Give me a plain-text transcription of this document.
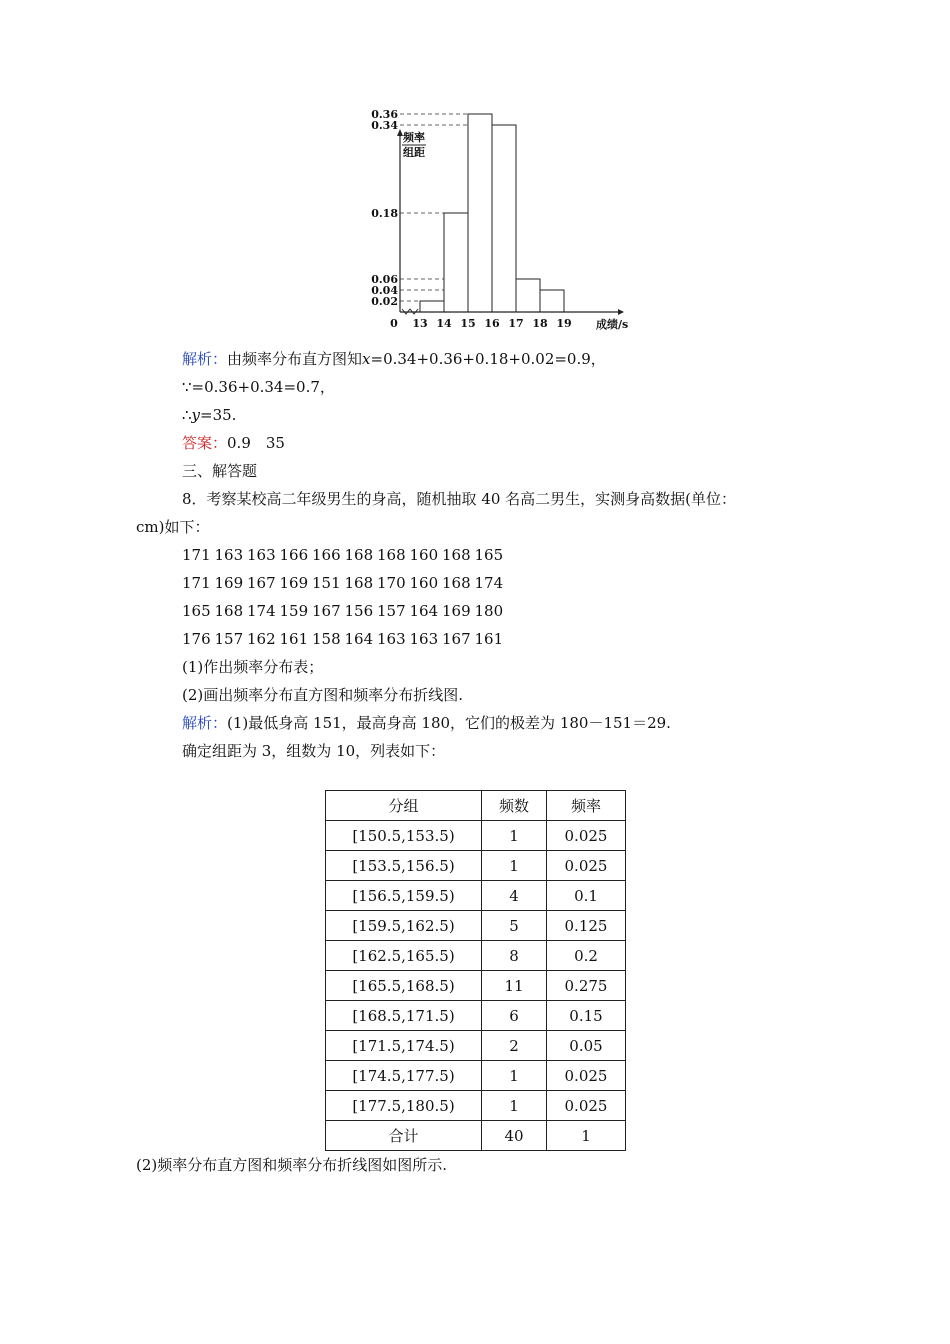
频率
组距
0.36
0.34
0.18
0.06
0.04
0.02
0 13 14 15 16 17 18 19 成绩/s
解析：由频率分布直方图知x=0.34+0.36+0.18+0.02=0.9，
∵=0.36+0.34=0.7，
∴y=35.
答案：0.9　35
三、解答题
8．考察某校高二年级男生的身高，随机抽取 40 名高二男生，实测身高数据(单位：
cm)如下：
171 163 163 166 166 168 168 160 168 165
171 169 167 169 151 168 170 160 168 174
165 168 174 159 167 156 157 164 169 180
176 157 162 161 158 164 163 163 167 161
(1)作出频率分布表；
(2)画出频率分布直方图和频率分布折线图.
解析：(1)最低身高 151，最高身高 180，它们的极差为 180－151＝29.
确定组距为 3，组数为 10，列表如下：
分组	频数	频率
[150.5,153.5)	1	0.025
[153.5,156.5)	1	0.025
[156.5,159.5)	4	0.1
[159.5,162.5)	5	0.125
[162.5,165.5)	8	0.2
[165.5,168.5)	11	0.275
[168.5,171.5)	6	0.15
[171.5,174.5)	2	0.05
[174.5,177.5)	1	0.025
[177.5,180.5)	1	0.025
合计	40	1
(2)频率分布直方图和频率分布折线图如图所示.
